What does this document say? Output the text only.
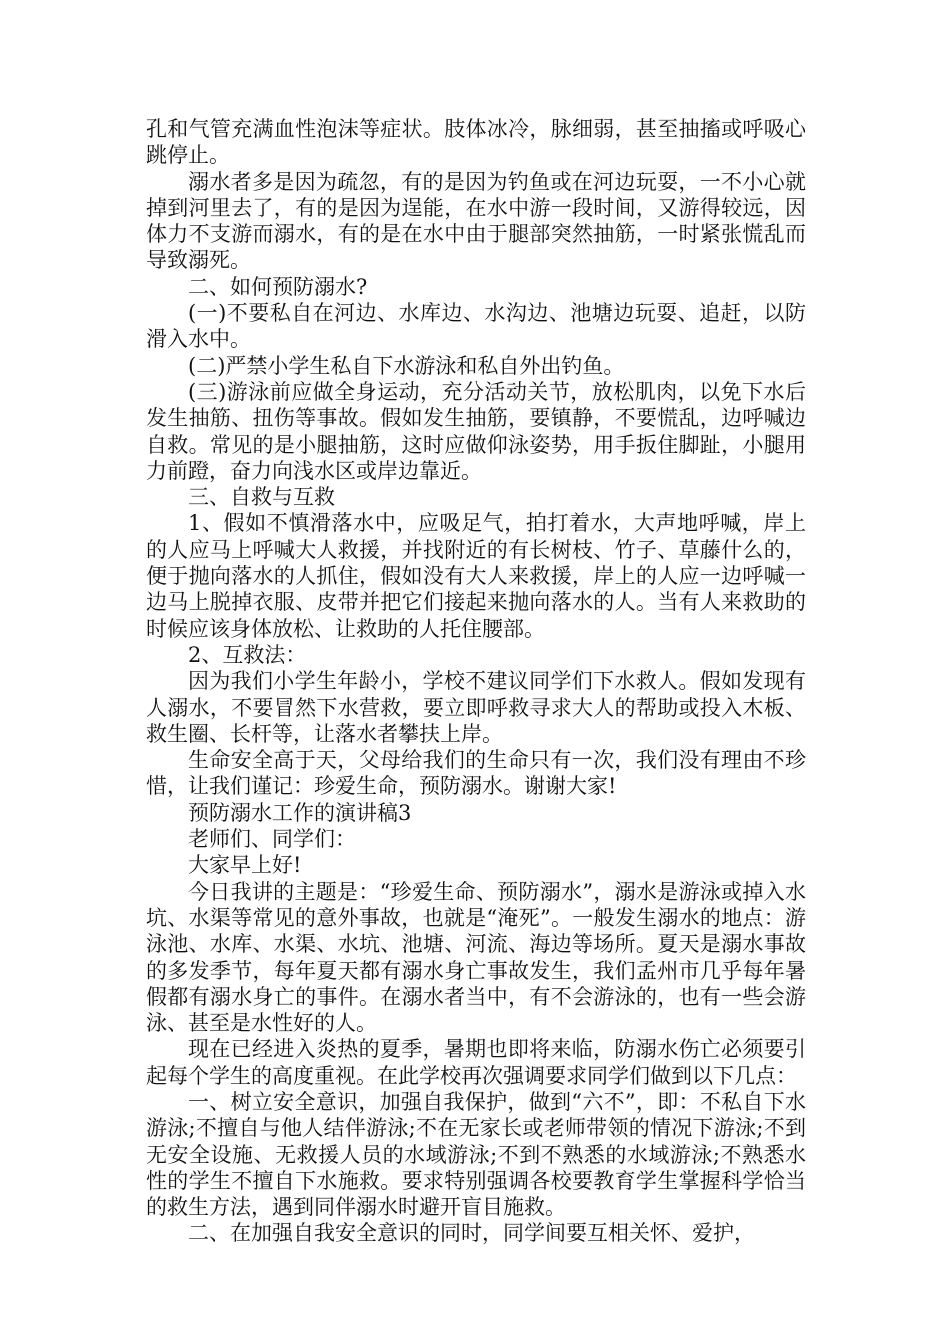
孔和气管充满血性泡沫等症状。肢体冰冷，脉细弱，甚至抽搐或呼吸心跳停止。

溺水者多是因为疏忽，有的是因为钓鱼或在河边玩耍，一不小心就掉到河里去了，有的是因为逞能，在水中游一段时间，又游得较远，因体力不支游而溺水，有的是在水中由于腿部突然抽筋，一时紧张慌乱而导致溺死。

二、如何预防溺水?

(一)不要私自在河边、水库边、水沟边、池塘边玩耍、追赶，以防滑入水中。

(二)严禁小学生私自下水游泳和私自外出钓鱼。

(三)游泳前应做全身运动，充分活动关节，放松肌肉，以免下水后发生抽筋、扭伤等事故。假如发生抽筋，要镇静，不要慌乱，边呼喊边自救。常见的是小腿抽筋，这时应做仰泳姿势，用手扳住脚趾，小腿用力前蹬，奋力向浅水区或岸边靠近。

三、自救与互救

1、假如不慎滑落水中，应吸足气，拍打着水，大声地呼喊，岸上的人应马上呼喊大人救援，并找附近的有长树枝、竹子、草藤什么的，便于抛向落水的人抓住，假如没有大人来救援，岸上的人应一边呼喊一边马上脱掉衣服、皮带并把它们接起来抛向落水的人。当有人来救助的时候应该身体放松、让救助的人托住腰部。

2、互救法：

因为我们小学生年龄小，学校不建议同学们下水救人。假如发现有人溺水，不要冒然下水营救，要立即呼救寻求大人的帮助或投入木板、救生圈、长杆等，让落水者攀扶上岸。

生命安全高于天，父母给我们的生命只有一次，我们没有理由不珍惜，让我们谨记：珍爱生命，预防溺水。谢谢大家!

预防溺水工作的演讲稿3

老师们、同学们：

大家早上好!

今日我讲的主题是：“珍爱生命、预防溺水”，溺水是游泳或掉入水坑、水渠等常见的意外事故，也就是“淹死”。一般发生溺水的地点：游泳池、水库、水渠、水坑、池塘、河流、海边等场所。夏天是溺水事故的多发季节，每年夏天都有溺水身亡事故发生，我们孟州市几乎每年暑假都有溺水身亡的事件。在溺水者当中，有不会游泳的，也有一些会游泳、甚至是水性好的人。

现在已经进入炎热的夏季，暑期也即将来临，防溺水伤亡必须要引起每个学生的高度重视。在此学校再次强调要求同学们做到以下几点：

一、树立安全意识，加强自我保护，做到“六不”，即：不私自下水游泳;不擅自与他人结伴游泳;不在无家长或老师带领的情况下游泳;不到无安全设施、无救援人员的水域游泳;不到不熟悉的水域游泳;不熟悉水性的学生不擅自下水施救。要求特别强调各校要教育学生掌握科学恰当的救生方法，遇到同伴溺水时避开盲目施救。

二、在加强自我安全意识的同时，同学间要互相关怀、爱护，
